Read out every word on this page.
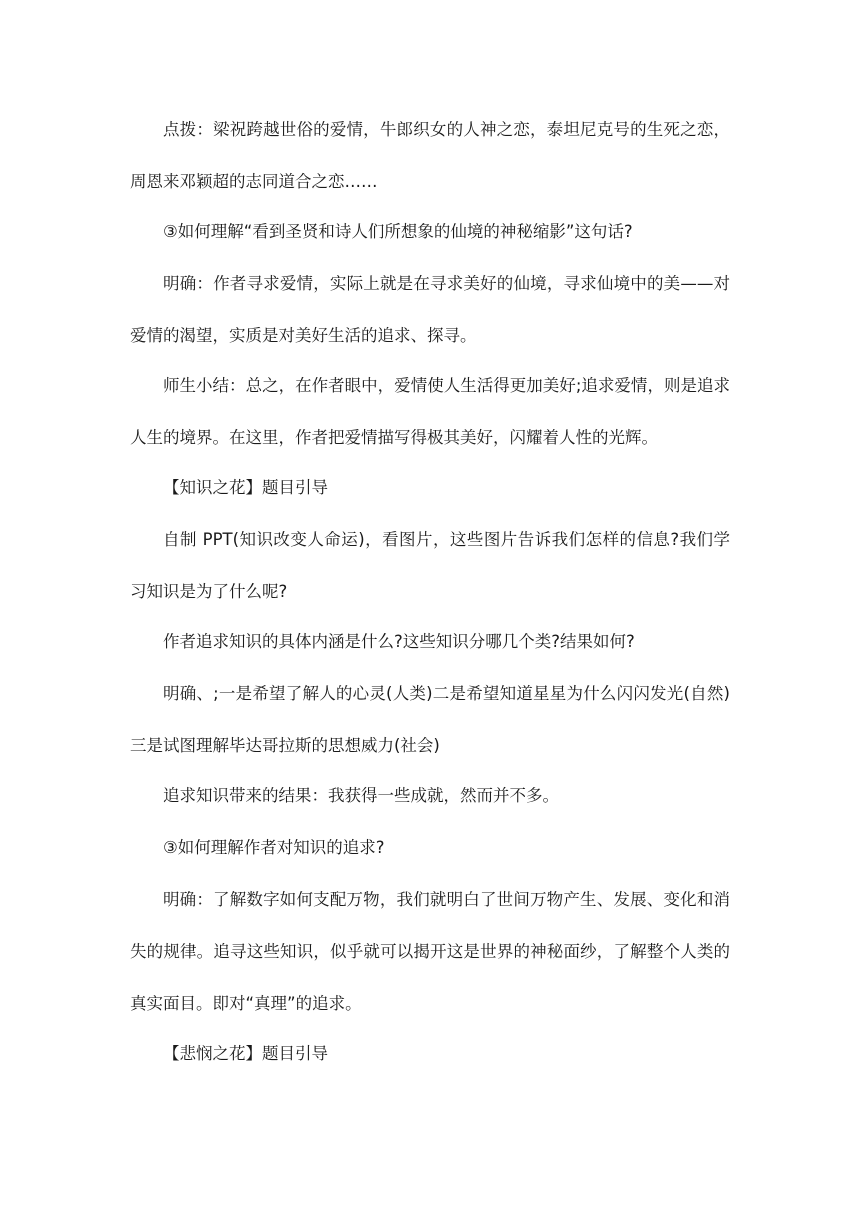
点拨：梁祝跨越世俗的爱情，牛郎织女的人神之恋，泰坦尼克号的生死之恋，周恩来邓颖超的志同道合之恋……

③如何理解“看到圣贤和诗人们所想象的仙境的神秘缩影”这句话?

明确：作者寻求爱情，实际上就是在寻求美好的仙境，寻求仙境中的美——对爱情的渴望，实质是对美好生活的追求、探寻。

师生小结：总之，在作者眼中，爱情使人生活得更加美好;追求爱情，则是追求人生的境界。在这里，作者把爱情描写得极其美好，闪耀着人性的光辉。

【知识之花】题目引导

自制 PPT(知识改变人命运)，看图片，这些图片告诉我们怎样的信息?我们学习知识是为了什么呢?

作者追求知识的具体内涵是什么?这些知识分哪几个类?结果如何?

明确、;一是希望了解人的心灵(人类)二是希望知道星星为什么闪闪发光(自然)三是试图理解毕达哥拉斯的思想威力(社会)

追求知识带来的结果：我获得一些成就，然而并不多。

③如何理解作者对知识的追求?

明确：了解数字如何支配万物，我们就明白了世间万物产生、发展、变化和消失的规律。追寻这些知识，似乎就可以揭开这是世界的神秘面纱，了解整个人类的真实面目。即对“真理”的追求。

【悲悯之花】题目引导
